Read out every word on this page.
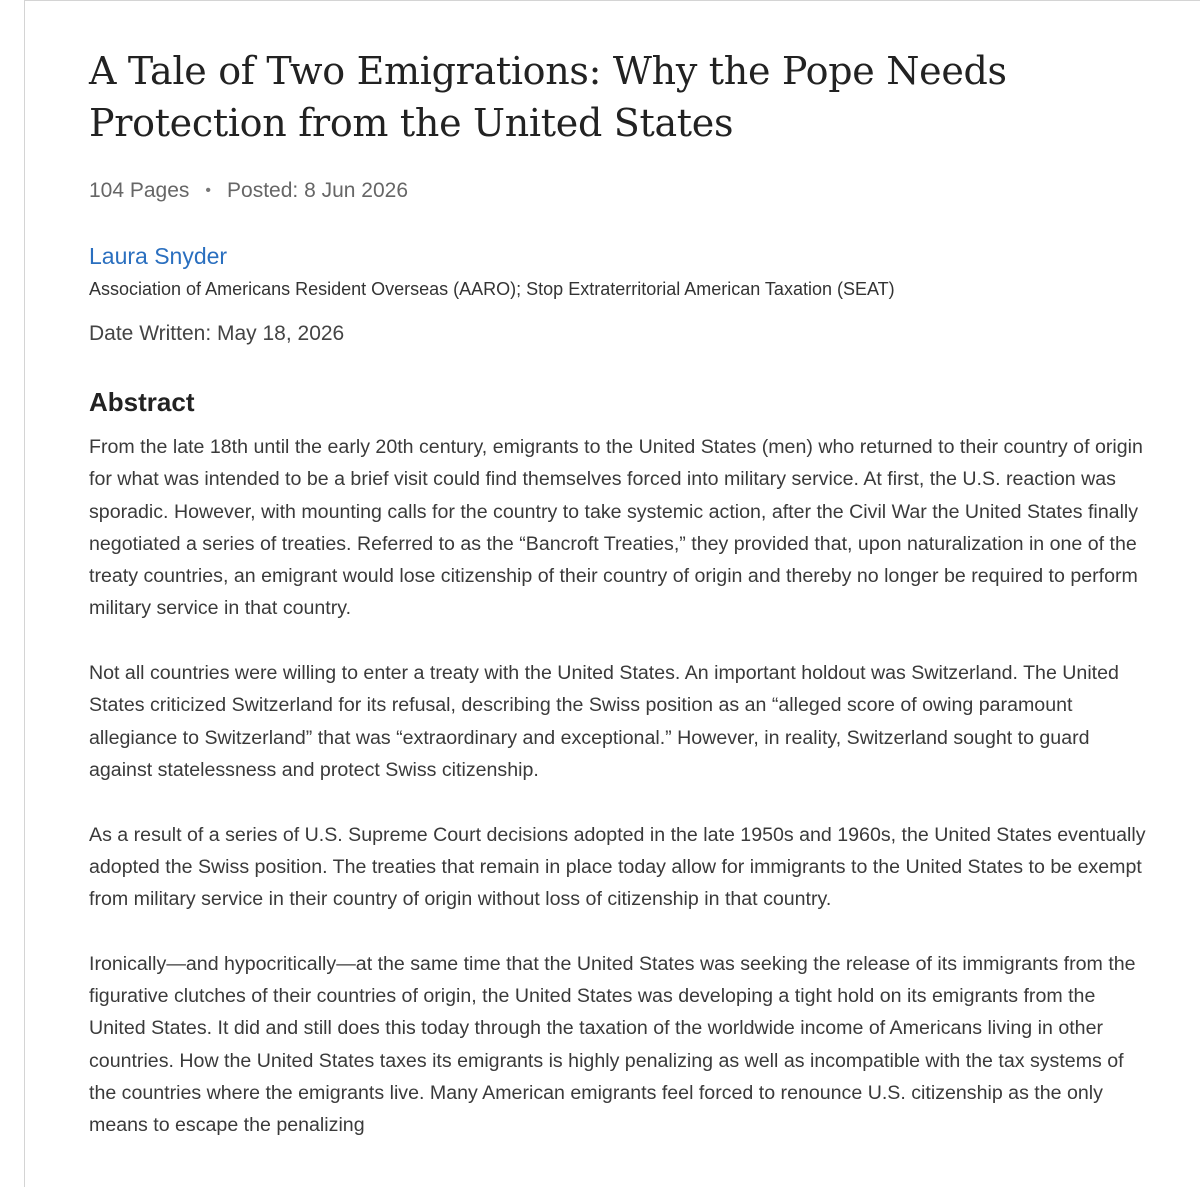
A Tale of Two Emigrations: Why the Pope Needs Protection from the United States
104 Pages • Posted: 8 Jun 2026
Laura Snyder
Association of Americans Resident Overseas (AARO); Stop Extraterritorial American Taxation (SEAT)
Date Written: May 18, 2026
Abstract

From the late 18th until the early 20th century, emigrants to the United States (men) who returned to their country of origin for what was intended to be a brief visit could find themselves forced into military service. At first, the U.S. reaction was sporadic. However, with mounting calls for the country to take systemic action, after the Civil War the United States finally negotiated a series of treaties. Referred to as the “Bancroft Treaties,” they provided that, upon naturalization in one of the treaty countries, an emigrant would lose citizenship of their country of origin and thereby no longer be required to perform military service in that country.

Not all countries were willing to enter a treaty with the United States. An important holdout was Switzerland. The United States criticized Switzerland for its refusal, describing the Swiss position as an “alleged score of owing paramount allegiance to Switzerland” that was “extraordinary and exceptional.” However, in reality, Switzerland sought to guard against statelessness and protect Swiss citizenship.

As a result of a series of U.S. Supreme Court decisions adopted in the late 1950s and 1960s, the United States eventually adopted the Swiss position. The treaties that remain in place today allow for immigrants to the United States to be exempt from military service in their country of origin without loss of citizenship in that country.

Ironically—and hypocritically—at the same time that the United States was seeking the release of its immigrants from the figurative clutches of their countries of origin, the United States was developing a tight hold on its emigrants from the United States. It did and still does this today through the taxation of the worldwide income of Americans living in other countries. How the United States taxes its emigrants is highly penalizing as well as incompatible with the tax systems of the countries where the emigrants live. Many American emigrants feel forced to renounce U.S. citizenship as the only means to escape the penalizing
